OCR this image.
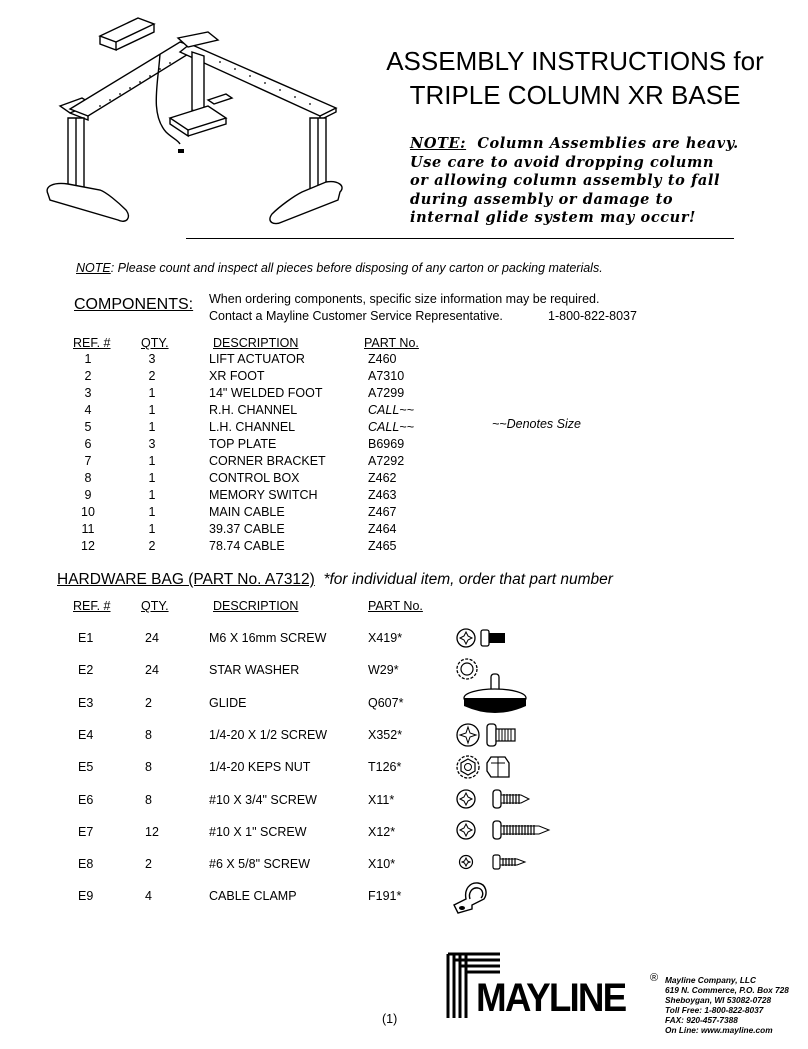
ASSEMBLY INSTRUCTIONS for
TRIPLE COLUMN XR BASE
NOTE: Column Assemblies are heavy.
Use care to avoid dropping column
or allowing column assembly to fall
during assembly or damage to
internal glide system may occur!
NOTE: Please count and inspect all pieces before disposing of any carton or packing materials.
COMPONENTS: When ordering components, specific size information may be required.
Contact a Mayline Customer Service Representative.	1-800-822-8037
REF. # QTY.	DESCRIPTION	PART No.
1	3	LIFT ACTUATOR	Z460
2	2	XR FOOT	A7310
3	1	14" WELDED FOOT	A7299
4	1	R.H. CHANNEL	CALL~~
5	1	L.H. CHANNEL	CALL~~
6	3	TOP PLATE	B6969
7	1	CORNER BRACKET	A7292
8	1	CONTROL BOX	Z462
9	1	MEMORY SWITCH	Z463
10	1	MAIN CABLE	Z467
11	1	39.37 CABLE	Z464
12	2	78.74 CABLE	Z465
~~Denotes Size
HARDWARE BAG (PART No. A7312) *for individual item, order that part number
REF. # QTY.	DESCRIPTION	PART No.
E1	24	M6 X 16mm SCREW	X419*
E2	24	STAR WASHER	W29*
E3	2	GLIDE	Q607*
E4	8	1/4-20 X 1/2 SCREW	X352*
E5	8	1/4-20 KEPS NUT	T126*
E6	8	#10 X 3/4" SCREW	X11*
E7	12	#10 X 1" SCREW	X12*
E8	2	#6 X 5/8" SCREW	X10*
E9	4	CABLE CLAMP	F191*
(1) MAYLINE ® Mayline Company, LLC
619 N. Commerce, P.O. Box 728
Sheboygan, WI 53082-0728
Toll Free: 1-800-822-8037
FAX: 920-457-7388
On Line: www.mayline.com
